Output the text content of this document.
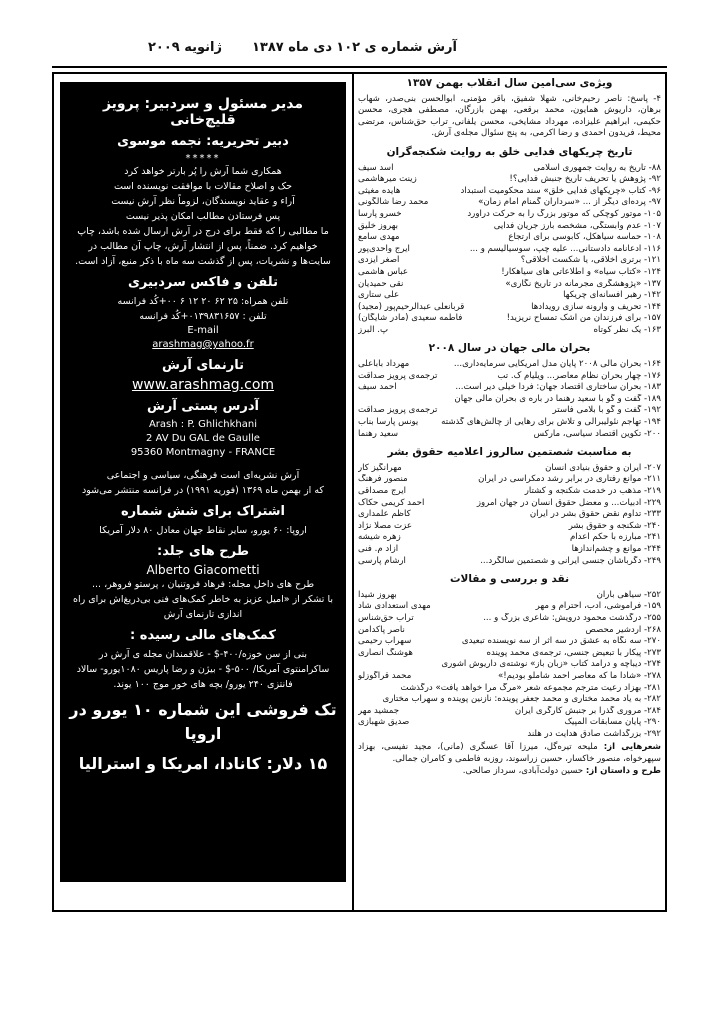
آرش شماره ی ۱۰۲
دی ماه ۱۳۸۷
ژانویه ۲۰۰۹
مدیر مسئول و سردبیر: پرویز قلیچ‌خانی
دبیر تحریریه: نجمه موسوی
*****

همکاری شما آرش را پُر بارتر خواهد کرد

حک و اصلاح مقالات با موافقت نویسنده است

آراء و عقاید نویسندگان، لزوماً نظر آرش نیست

پس فرستادن مطالب امکان پذیر نیست

ما مطالبی را که فقط برای درج در آرش ارسال شده باشد، چاپ

خواهیم کرد. ضمناً، پس از انتشار آرش، چاپ آن مطالب در

سایت‌ها و نشریات، پس از گذشت سه ماه با ذکر منبع، آزاد است.

تلفن و فاکس سردبیری

تلفن همراه: ۲۵ ۶۲ ۲۰ ۱۲ ۶ ۰۰+کُد فرانسه

تلفن : ۰۱۳۹۸۳۱۶۵۷+کُد فرانسه

E-mail
arashmag@yahoo.fr
تارنمای آرش
www.arashmag.com
آدرس پستی آرش
Arash : P. Ghlichkhani
2 AV Du GAL de Gaulle
95360 Montmagny - FRANCE

آرش نشریه‌ای است فرهنگی، سیاسی و اجتماعی

که از بهمن ماه ۱۳۶۹ (فوریه ۱۹۹۱) در فرانسه منتشر می‌شود

اشتراک برای شش شماره

اروپا: ۶۰ یورو، سایر نقاط جهان معادل ۸۰ دلار آمریکا

طرح های جلد:
Alberto Giacometti

طرح های داخل مجله: فرهاد فروتنیان ، پرستو فروهر، ...

با تشکر از «امیل عزیز به خاطر کمک‌های فنی بی‌دریغ‌اش برای راه اندازی تارنمای آرش

کمک‌های مالی رسیده :

بنی از سن خوزه/۴۰۰-$ - علاقمندان مجله ی آرش در

ساکرامنتوی آمریکا/ ۵۰۰-$ - بیژن و رضا پاریس ۱۰۸۰یورو- سالاد

فانتزی ۲۴۰ یورو/ بچه های خور موج ۱۰۰ یوند.

تک فروشی این شماره ۱۰ یورو در اروپا
۱۵ دلار: کانادا، امریکا و استرالیا
ویژه‌ی سی‌امین سال انقلاب بهمن ۱۳۵۷

۴- پاسخ: ناصر رحیم‌خانی، شهلا شفیق، باقر مؤمنی، ابوالحسن بنی‌صدر، شهاب برهان، داریوش همایون، محمد برقعی، بهمن بازرگان، مصطفی هجری، محسن حکیمی، ابراهیم علیزاده، مهرداد مشایخی، محسن یلفانی، تراب حق‌شناس، مرتضی محیط، فریدون احمدی و رضا اکرمی، به پنج سئوال مجله‌ی آرش.

تاریخ چریکهای فدایی خلق به روایت شکنجه‌گران
۸۸- تاریخ به روایت جمهوری اسلامی
اسد سیف
۹۲- پژوهش یا تحریف تاریخ جنبش فدایی؟!
زینت میرهاشمی
۹۶- کتاب «چریکهای فدایی خلق» سند محکومیت استبداد
هایده مغیثی
۹۷- پرده‌ای دیگر از ... «سرداران گمنام امام زمان»
محمد رضا شالگونی
۱۰۵- موتور کوچکی که موتور بزرگ را به حرکت درآورد
خسرو پارسا
۱۰۷- عدم وابستگی، مشخصه بارز جریان فدایی
بهروز خلیق
۱۰۸- حماسه سیاهکل، کابوسی برای ارتجاع
مهدی سامع
۱۱۶- ادعانامه دادستانی... علیه چپ، سوسیالیسم و ...
ایرج واحدی‌پور
۱۲۱- برتری اخلاقی، یا شکست اخلاقی؟
اصغر ایزدی
۱۲۴- «کتاب سیاه» و اطلاعاتی های سیاهکار!
عباس هاشمی
۱۳۷- «پژوهشگری مجرمانه در تاریخ نگاری»
نقی حمیدیان
۱۴۲- رهبر افسانه‌ای چریکها
علی ستاری
۱۴۴- تحریف و وارونه سازی رویدادها
قربانعلی عبدالرحیم‌پور (مجید)
۱۵۷- برای فرزندان من اشک تمساح نریزید!
فاطمه سعیدی (مادر شایگان)
۱۶۳- یک نظر کوتاه
پ. البرز
بحران مالی جهان در سال ۲۰۰۸
۱۶۴- بحران مالی ۲۰۰۸ پایان مدل امریکایی سرمایه‌داری...
مهرداد باباعلی
۱۷۶- چهار بحران نظام معاصر... ویلیام ک. تب
ترجمه‌ی پرویز صداقت
۱۸۳- بحران ساختاری اقتصاد جهان: فردا خیلی دیر است...
احمد سیف
۱۸۹- گفت و گو با سعید رهنما در باره ی بحران مالی جهان
۱۹۲- گفت و گو با بلامی فاستر
ترجمه‌ی پرویز صداقت
۱۹۴- تهاجم نئولیبرالی و تلاش برای رهایی از چالش‌های گذشته
یونس پارسا بناب
۲۰۰- تکوین اقتصاد سیاسی، مارکس
سعید رهنما
به مناسبت شصتمین سالروز اعلامیه حقوق بشر
۲۰۷- ایران و حقوق بنیادی انسان
مهرانگیز کار
۲۱۱- موانع رفتاری در برابر رشد دمکراسی در ایران
منصور فرهنگ
۲۱۹- مذهب در خدمت شکنجه و کشتار
ایرج مصداقی
۲۲۹- ادبیات... و معضل حقوق انسان در جهان امروز
احمد کریمی حکاک
۲۳۳- تداوم نقض حقوق بشر در ایران
کاظم علمداری
۲۴۰- شکنجه و حقوق بشر
عزت مصلا نژاد
۲۴۱- مبارزه با حکم اعدام
زهره شیشه
۲۴۴- موانع و چشم‌اندازها
آزاد م. فنی
۲۴۹- دگرباشان جنسی ایرانی و شصتمین سالگرد...
آرشام پارسی
نقد و بررسی و مقالات
۲۵۲- سیاهی باران
بهروز شیدا
۱۵۹- فراموشی، ادب، احترام و مهر
مهدی استعدادی شاد
۲۵۵- درگذشت محمود درویش: شاعری بزرگ و ...
تراب حق‌شناس
۲۶۸- اردشیر محصص
ناصر پاکدامن
۲۷۰- سه نگاه به عشق در سه اثر از سه نویسنده تبعیدی
سهراب رحیمی
۲۷۳- پیکار با تبعیض جنسی، ترجمه‌ی محمد پوینده
هوشنگ انصاری
۲۷۴- دیباچه و درآمد کتاب «زبان باز» نوشته‌ی داریوش آشوری
۲۷۸- «شادا ما که معاصر احمد شاملو بودیم!»
محمد قراگوزلو
۲۸۱- بهزاد رعیت مترجم مجموعه شعر «مرگ مرا خواهد یافت» درگذشت
۲۸۲- به یاد محمد مختاری و محمد جعفر پوینده: نازنین پوینده و سهراب مختاری
۲۸۴- مروری گذرا بر جنبش کارگری ایران
جمشید مهر
۲۹۰- پایان مسابقات المپیک
صدیق شهبازی
۲۹۲- بزرگداشت صادق هدایت در هلند

شعرهایی از: ملیحه تیره‌گل، میرزا آقا عسگری (مانی)، مجید نفیسی، بهزاد سپهرخواه، منصور خاکسار، حسین زراسوند، روزبه فاطمی و کامران جمالی.

طرح و داستان از: حسین دولت‌آبادی، سرداز صالحی.
